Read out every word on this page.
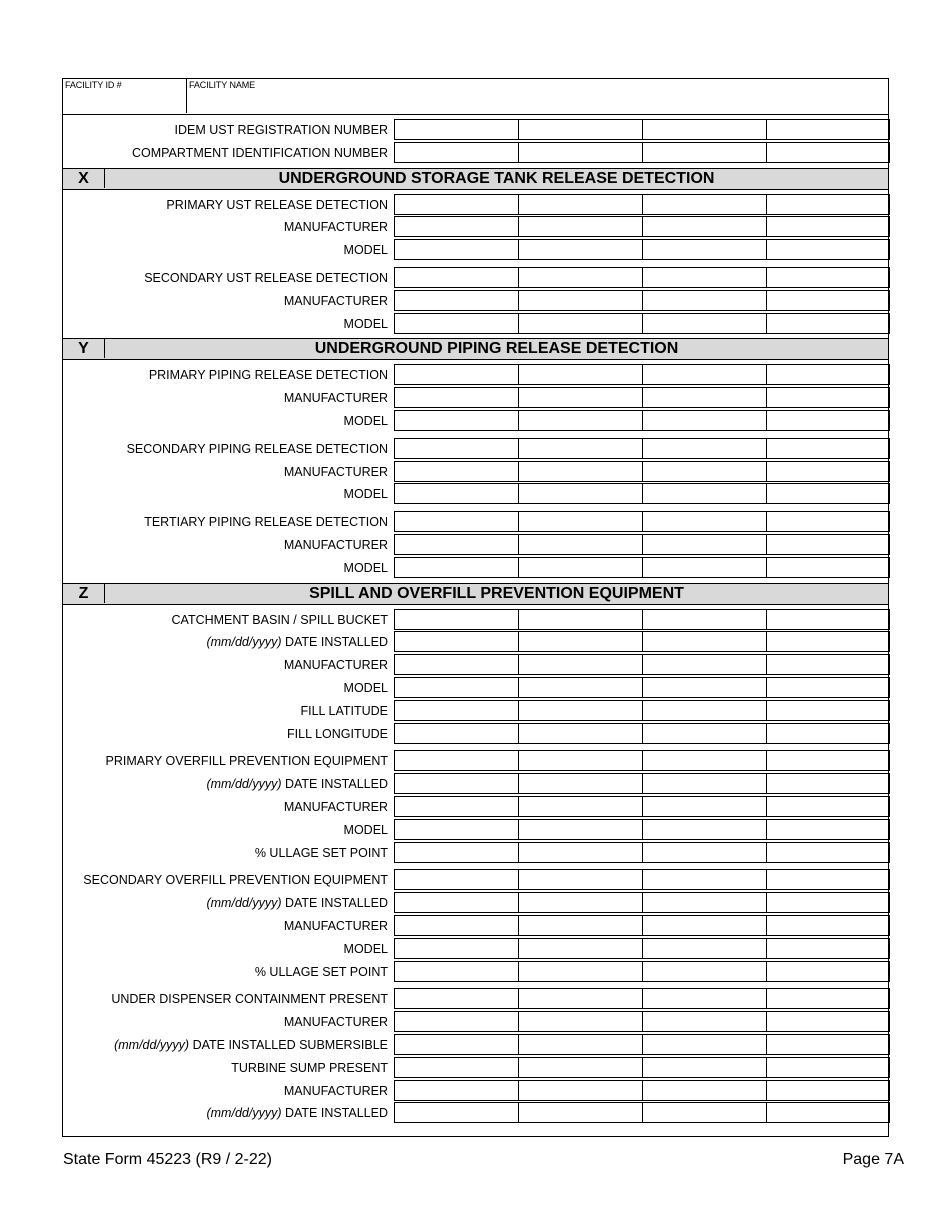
FACILITY ID #	FACILITY NAME
IDEM UST REGISTRATION NUMBER
COMPARTMENT IDENTIFICATION NUMBER
X	UNDERGROUND STORAGE TANK RELEASE DETECTION
PRIMARY UST RELEASE DETECTION
MANUFACTURER
MODEL
SECONDARY UST RELEASE DETECTION
MANUFACTURER
MODEL
Y	UNDERGROUND PIPING RELEASE DETECTION
PRIMARY PIPING RELEASE DETECTION
MANUFACTURER
MODEL
SECONDARY PIPING RELEASE DETECTION
MANUFACTURER
MODEL
TERTIARY PIPING RELEASE DETECTION
MANUFACTURER
MODEL
Z	SPILL AND OVERFILL PREVENTION EQUIPMENT
CATCHMENT BASIN / SPILL BUCKET
(mm/dd/yyyy) DATE INSTALLED
MANUFACTURER
MODEL
FILL LATITUDE
FILL LONGITUDE
PRIMARY OVERFILL PREVENTION EQUIPMENT
(mm/dd/yyyy) DATE INSTALLED
MANUFACTURER
MODEL
% ULLAGE SET POINT
SECONDARY OVERFILL PREVENTION EQUIPMENT
(mm/dd/yyyy) DATE INSTALLED
MANUFACTURER
MODEL
% ULLAGE SET POINT
UNDER DISPENSER CONTAINMENT PRESENT
MANUFACTURER
(mm/dd/yyyy) DATE INSTALLED SUBMERSIBLE
TURBINE SUMP PRESENT
MANUFACTURER
(mm/dd/yyyy) DATE INSTALLED
State Form 45223 (R9 / 2-22)	Page 7A
